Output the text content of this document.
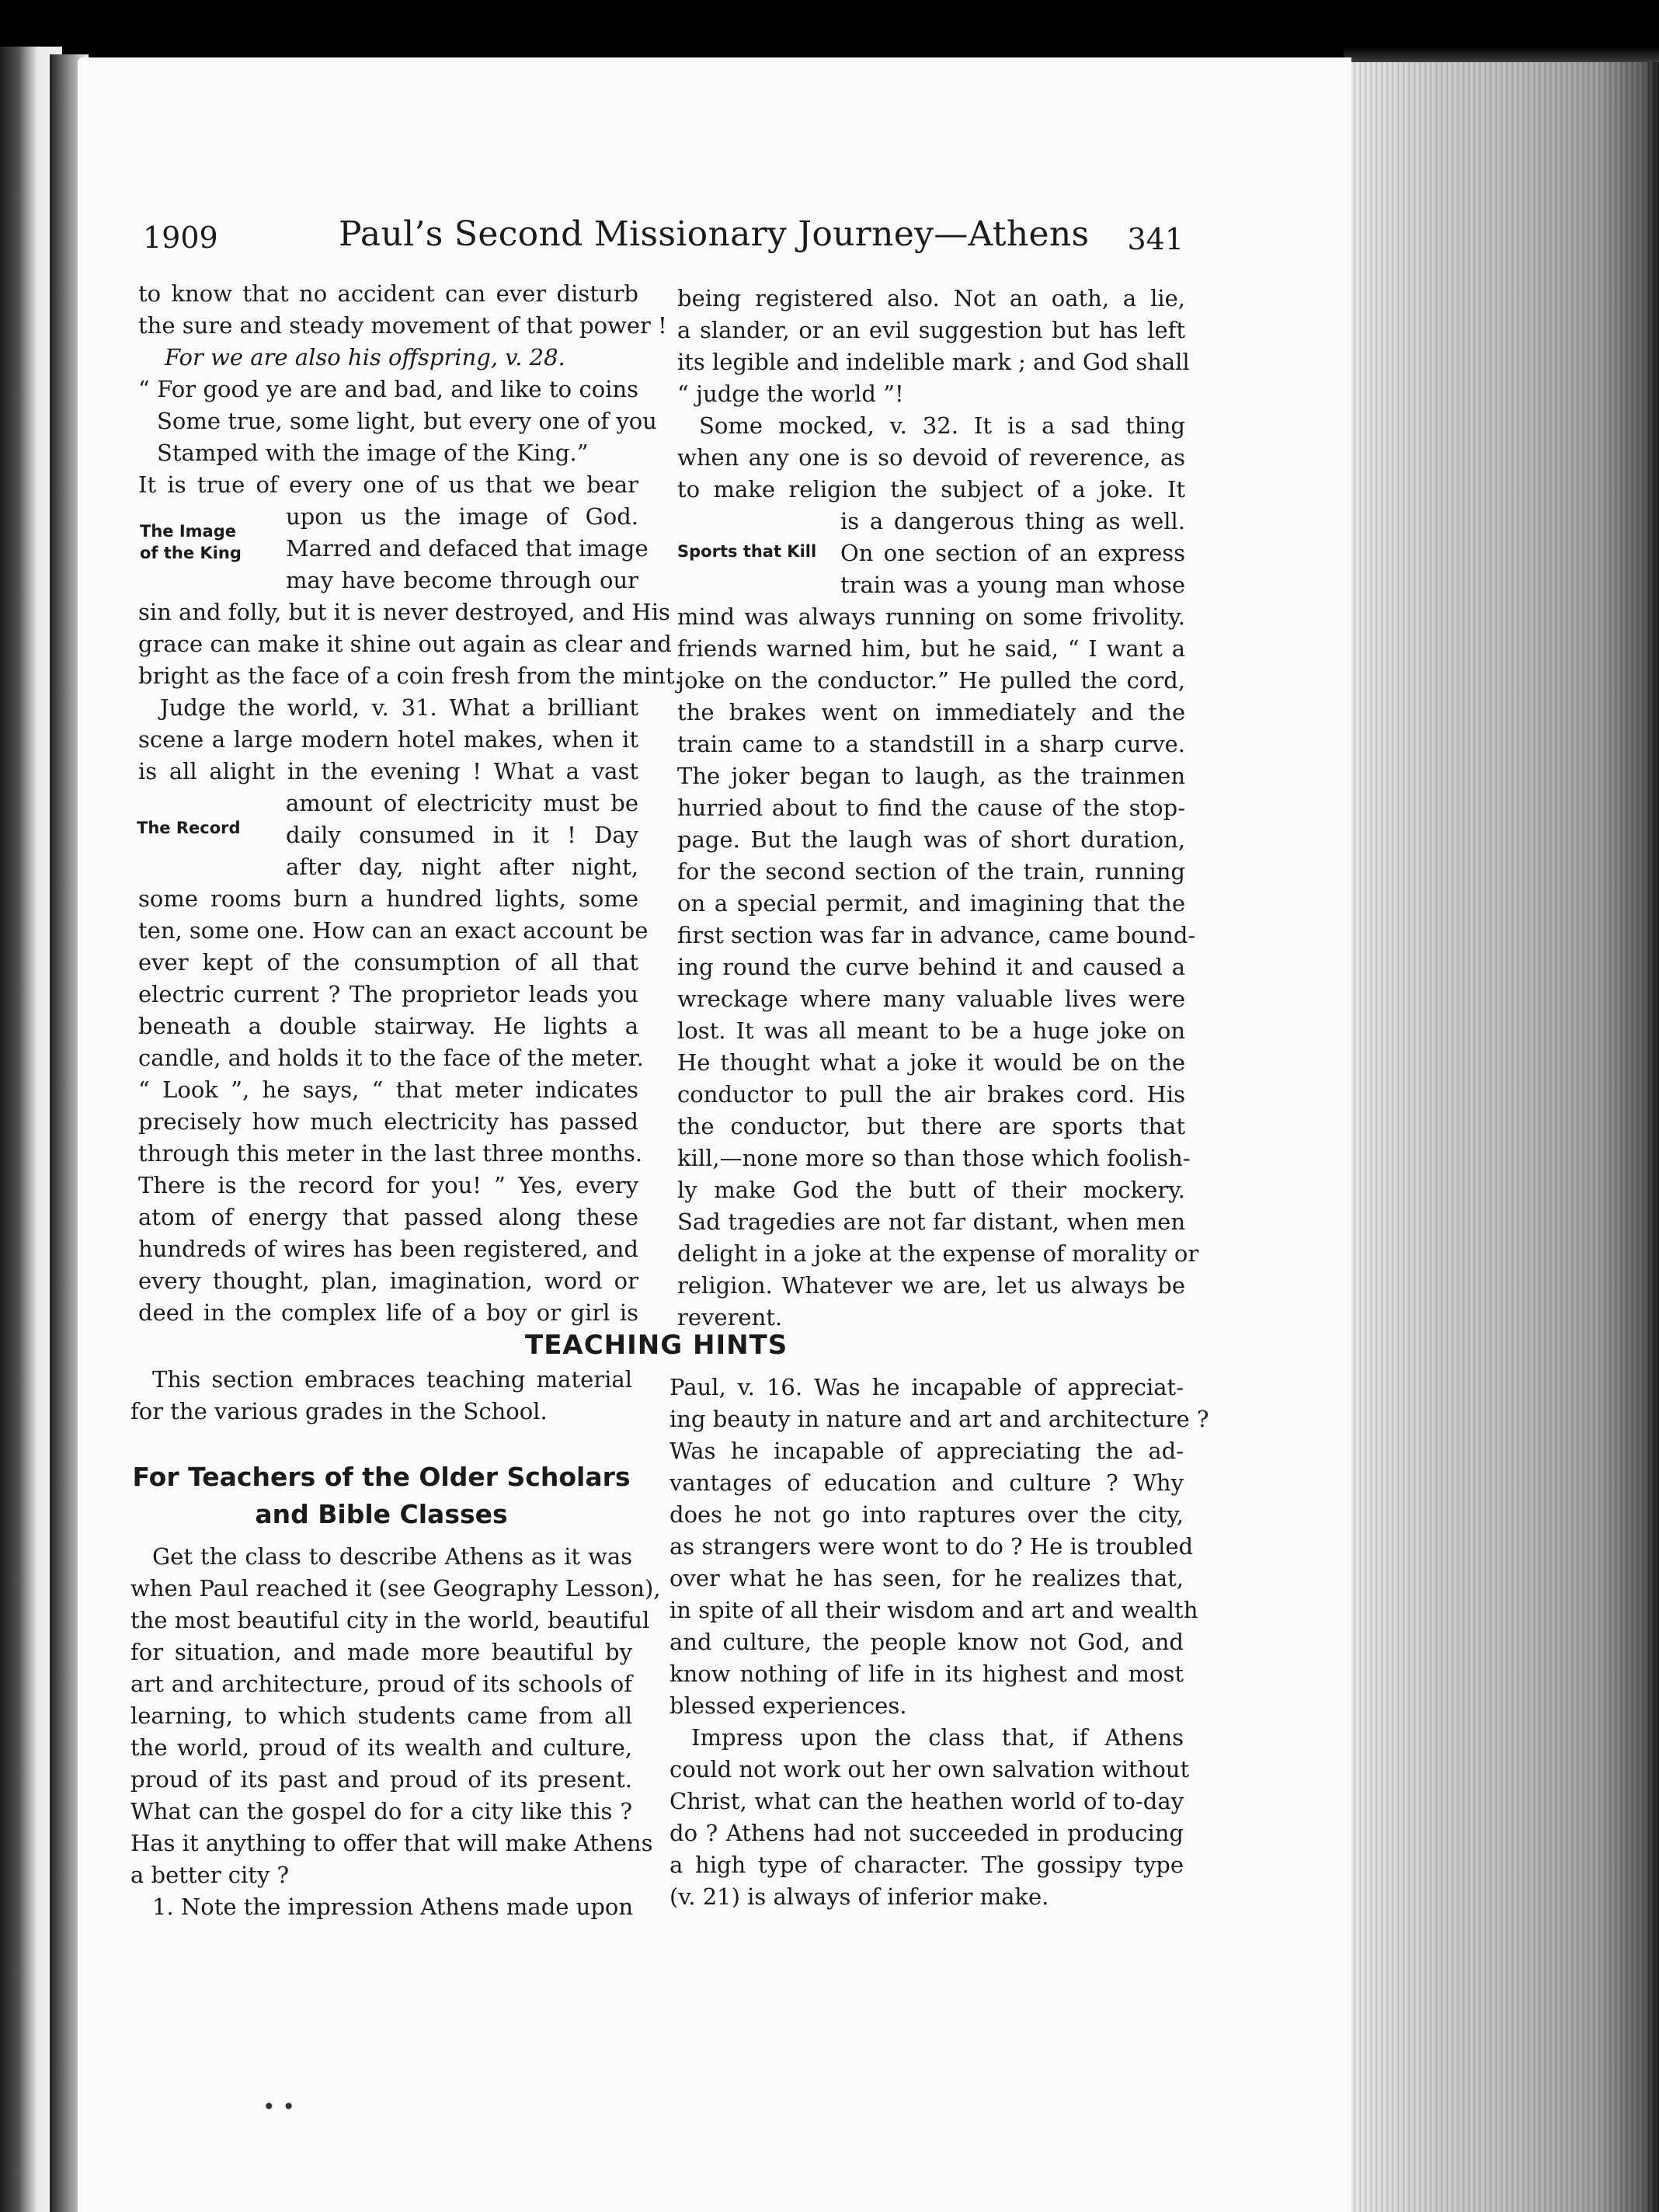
1909	Paul’s Second Missionary Journey—Athens 341
The Image
of the King
The Record
Sports that Kill
to know that no accident can ever disturb
the sure and steady movement of that power !
For we are also his offspring, v. 28.
“ For good ye are and bad, and like to coins
Some true, some light, but every one of you
Stamped with the image of the King.”
It is true of every one of us that we bear
upon us the image of God.
Marred and defaced that image
may have become through our
sin and folly, but it is never destroyed, and His
grace can make it shine out again as clear and
bright as the face of a coin fresh from the mint.
Judge the world, v. 31. What a brilliant
scene a large modern hotel makes, when it
is all alight in the evening ! What a vast
amount of electricity must be
daily consumed in it ! Day
after day, night after night,
some rooms burn a hundred lights, some
ten, some one. How can an exact account be
ever kept of the consumption of all that
electric current ? The proprietor leads you
beneath a double stairway. He lights a
candle, and holds it to the face of the meter.
“ Look ”, he says, “ that meter indicates
precisely how much electricity has passed
through this meter in the last three months.
There is the record for you! ” Yes, every
atom of energy that passed along these
hundreds of wires has been registered, and
every thought, plan, imagination, word or
deed in the complex life of a boy or girl is
being registered also. Not an oath, a lie,
a slander, or an evil suggestion but has left
its legible and indelible mark ; and God shall
“ judge the world ”!
Some mocked, v. 32. It is a sad thing
when any one is so devoid of reverence, as
to make religion the subject of a joke. It
is a dangerous thing as well.
On one section of an express
train was a young man whose
mind was always running on some frivolity.
friends warned him, but he said, “ I want a
joke on the conductor.” He pulled the cord,
the brakes went on immediately and the
train came to a standstill in a sharp curve.
The joker began to laugh, as the trainmen
hurried about to find the cause of the stop-
page. But the laugh was of short duration,
for the second section of the train, running
on a special permit, and imagining that the
first section was far in advance, came bound-
ing round the curve behind it and caused a
wreckage where many valuable lives were
lost. It was all meant to be a huge joke on
He thought what a joke it would be on the
conductor to pull the air brakes cord. His
the conductor, but there are sports that
kill,—none more so than those which foolish-
ly make God the butt of their mockery.
Sad tragedies are not far distant, when men
delight in a joke at the expense of morality or
religion. Whatever we are, let us always be
reverent.
TEACHING HINTS
This section embraces teaching material
for the various grades in the School.
For Teachers of the Older Scholars
and Bible Classes
Get the class to describe Athens as it was
when Paul reached it (see Geography Lesson),
the most beautiful city in the world, beautiful
for situation, and made more beautiful by
art and architecture, proud of its schools of
learning, to which students came from all
the world, proud of its wealth and culture,
proud of its past and proud of its present.
What can the gospel do for a city like this ?
Has it anything to offer that will make Athens
a better city ?
1. Note the impression Athens made upon
Paul, v. 16. Was he incapable of appreciat-
ing beauty in nature and art and architecture ?
Was he incapable of appreciating the ad-
vantages of education and culture ? Why
does he not go into raptures over the city,
as strangers were wont to do ? He is troubled
over what he has seen, for he realizes that,
in spite of all their wisdom and art and wealth
and culture, the people know not God, and
know nothing of life in its highest and most
blessed experiences.
Impress upon the class that, if Athens
could not work out her own salvation without
Christ, what can the heathen world of to-day
do ? Athens had not succeeded in producing
a high type of character. The gossipy type
(v. 21) is always of inferior make.
• •
